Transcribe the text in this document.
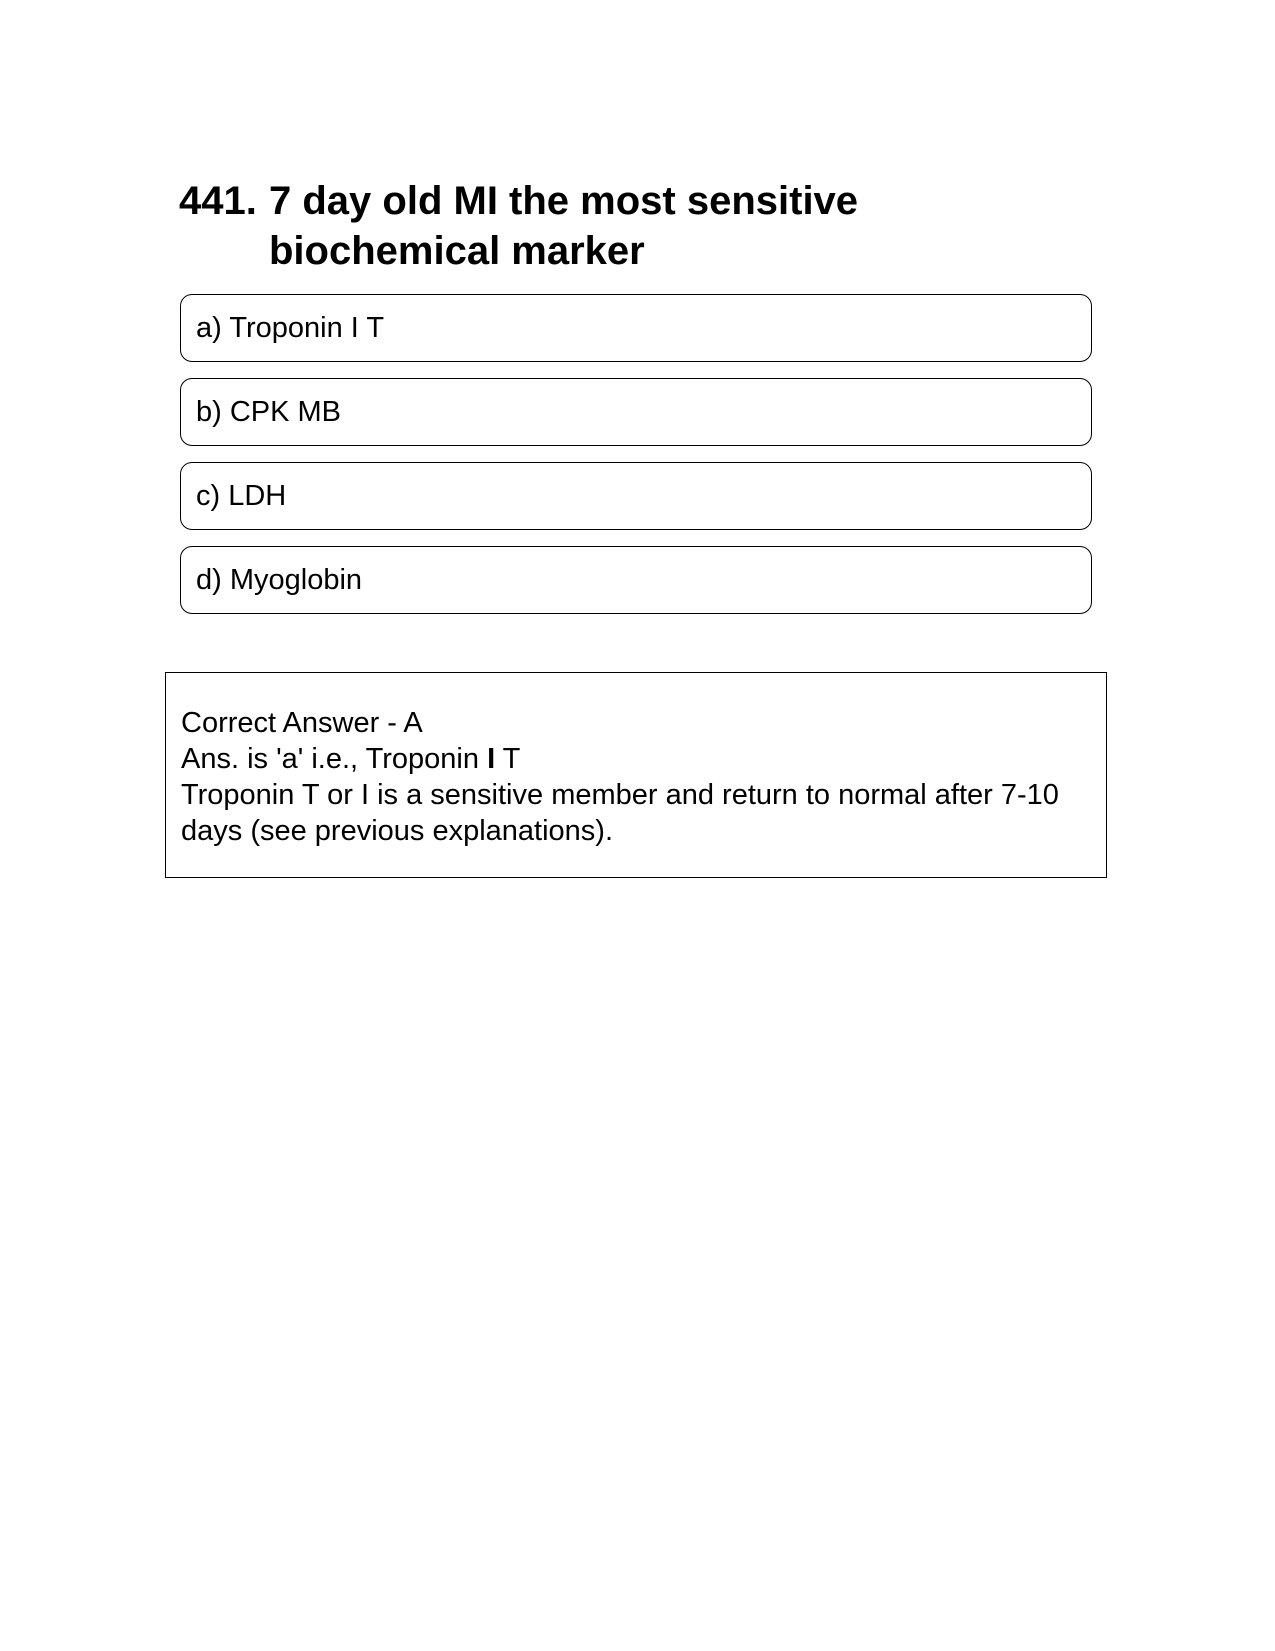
441. 7 day old MI the most sensitive biochemical marker
a) Troponin I T
b) CPK MB
c) LDH
d) Myoglobin
Correct Answer - A
Ans. is 'a' i.e., Troponin I T
Troponin T or I is a sensitive member and return to normal after 7-10 days (see previous explanations).
